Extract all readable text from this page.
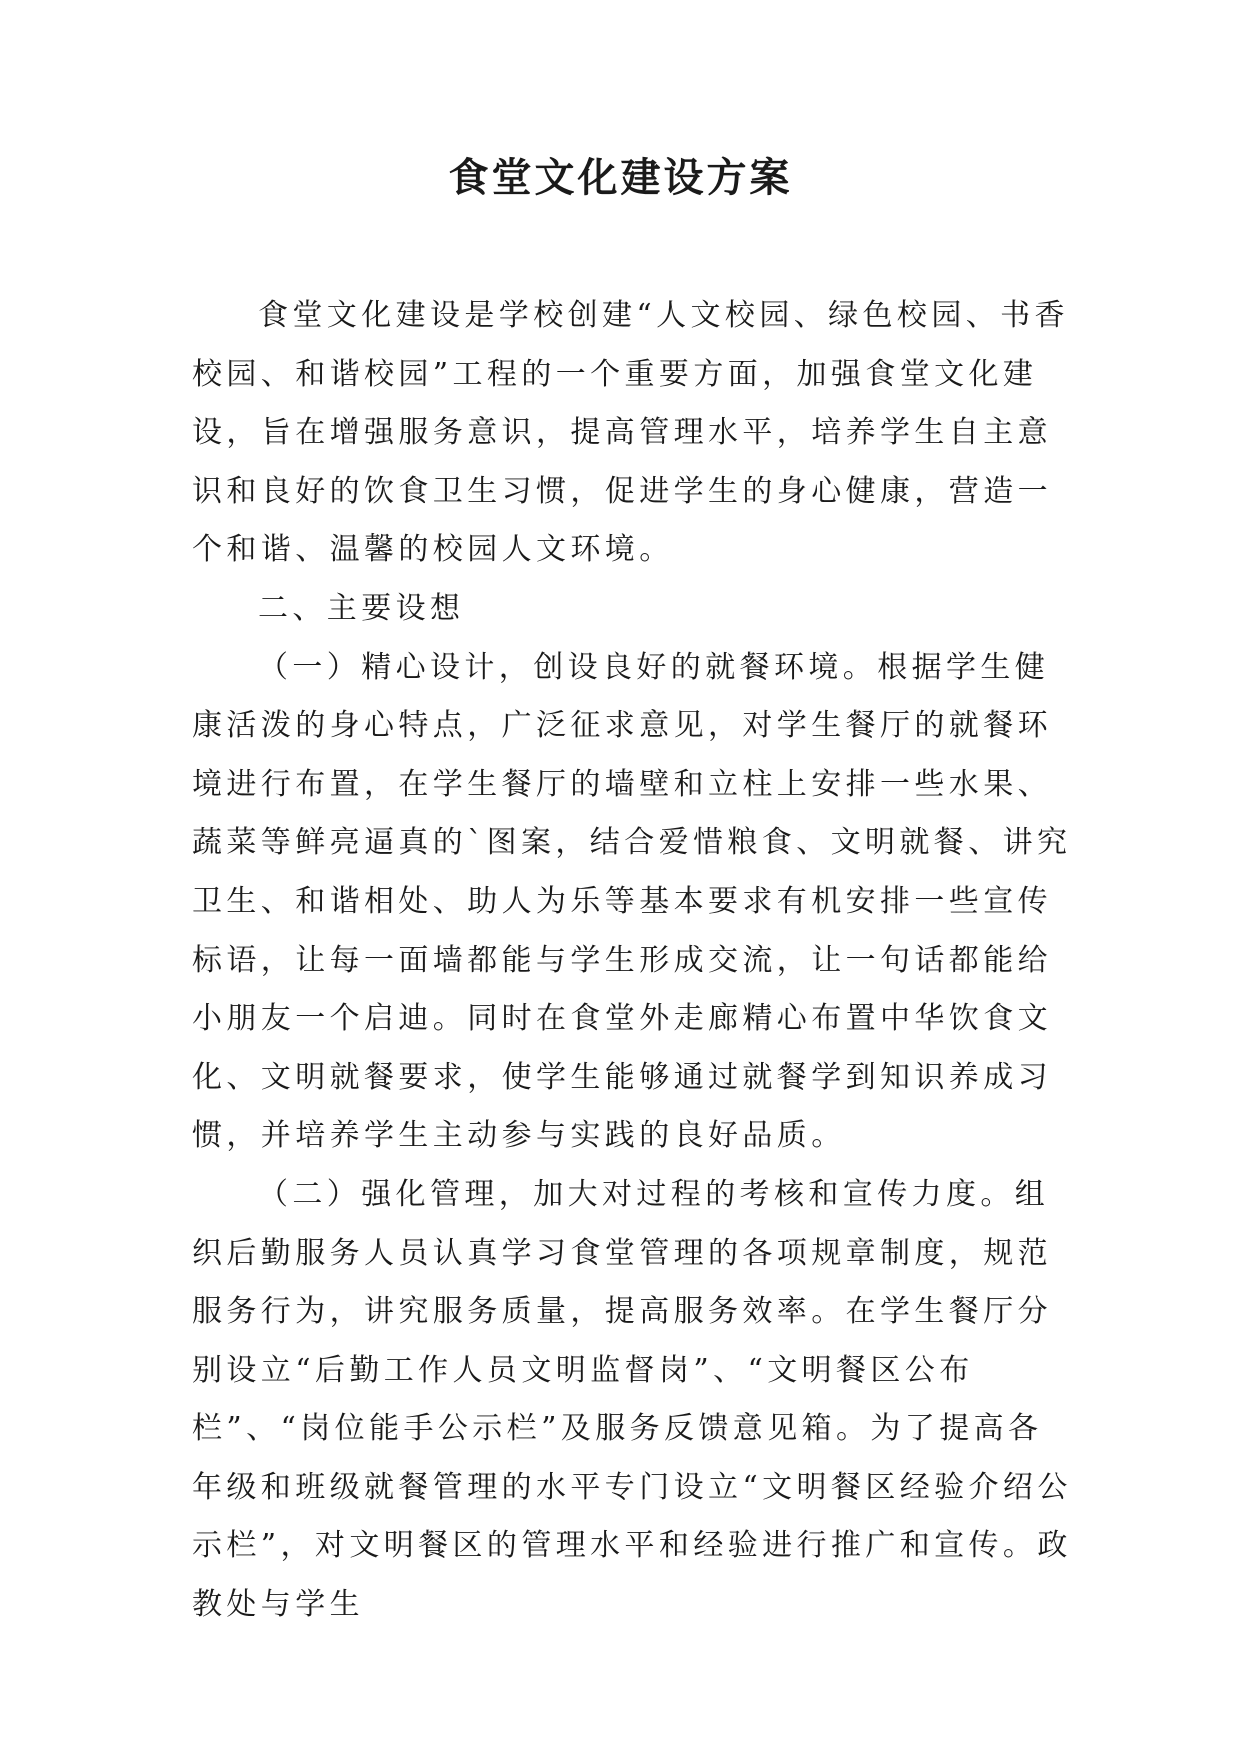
食堂文化建设方案

食堂文化建设是学校创建“人文校园、绿色校园、书香校园、和谐校园”工程的一个重要方面，加强食堂文化建设，旨在增强服务意识，提高管理水平，培养学生自主意识和良好的饮食卫生习惯，促进学生的身心健康，营造一个和谐、温馨的校园人文环境。

二、主要设想

（一）精心设计，创设良好的就餐环境。根据学生健康活泼的身心特点，广泛征求意见，对学生餐厅的就餐环境进行布置，在学生餐厅的墙壁和立柱上安排一些水果、蔬菜等鲜亮逼真的`图案，结合爱惜粮食、文明就餐、讲究卫生、和谐相处、助人为乐等基本要求有机安排一些宣传标语，让每一面墙都能与学生形成交流，让一句话都能给小朋友一个启迪。同时在食堂外走廊精心布置中华饮食文化、文明就餐要求，使学生能够通过就餐学到知识养成习惯，并培养学生主动参与实践的良好品质。

（二）强化管理，加大对过程的考核和宣传力度。组织后勤服务人员认真学习食堂管理的各项规章制度，规范服务行为，讲究服务质量，提高服务效率。在学生餐厅分别设立“后勤工作人员文明监督岗”、“文明餐区公布栏”、“岗位能手公示栏”及服务反馈意见箱。为了提高各年级和班级就餐管理的水平专门设立“文明餐区经验介绍公示栏”，对文明餐区的管理水平和经验进行推广和宣传。政教处与学生
